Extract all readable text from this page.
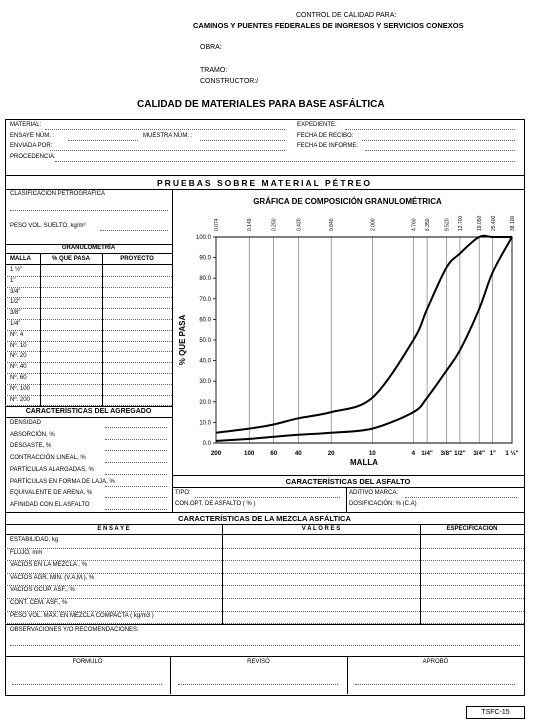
CONTROL DE CALIDAD PARA:
CAMINOS Y PUENTES FEDERALES DE INGRESOS Y SERVICIOS CONEXOS
OBRA:
TRAMO:
CONSTRUCTOR:/
CALIDAD DE MATERIALES PARA BASE ASFÁLTICA
MATERIAL:
ENSAYE NÚM. :	MUESTRA NÚM. :
ENVIADA POR:
PROCEDENCIA:
EXPEDIENTE:
FECHA DE RECIBO:
FECHA DE INFORME:
PRUEBAS SOBRE MATERIAL PÉTREO
CLASIFICACIÓN PETROGRÁFICA
PESO VOL. SUELTO, kg/m³
GRANULOMETRÍA
MALLA	% QUE PASA	PROYECTO
1 ½"
1"
3/4"
1/2"
3/8"
1/4"
Nº. 4
Nº. 10
Nº. 20
Nº. 40
Nº. 60
Nº. 100
Nº. 200
CARACTERÍSTICAS DEL AGREGADO
DENSIDAD
ABSORCIÓN, %
DESGASTE, %
CONTRACCIÓN LINEAL, %
PARTÍCULAS ALARGADAS, %
PARTÍCULAS EN FORMA DE LAJA, %
EQUIVALENTE DE ARENA, %
AFINIDAD CON EL ASFALTO
GRÁFICA DE COMPOSICIÓN GRANULOMÉTRICA
0.0
10.0
20.0
30.0
40.0
50.0
60.0
70.0
80.0
90.0
100.0
0.074
200
0.149
100
0.250
60
0.420
40
0.840
20
2.000
10
4.760
4
6.350
1/4"
9.520
3/8"
12.700
1/2"
19.050
3/4"
25.400
1"
38.100
1 ½"
MALLA
% QUE PASA
CARACTERÍSTICAS DEL ASFALTO
TIPO:	ADITIVO MARCA:
CON.OPT. DE ASFALTO ( % )	DOSIFICACIÓN: % (C.A)
CARACTERÍSTICAS DE LA MEZCLA ASFÁLTICA
E N S A Y E	V A L O R E S	ESPECIFICACIÓN
ESTABILIDAD, kg
FLUJO, mm
VACÍOS EN LA MEZCLA , %
VACÍOS AGR. MIN. (V.A.M.), %
VACÍOS OCUP. ASF., %
CONT. CEM. ASF., %
PESO VOL. MÁX. EN MEZCLA COMPACTA ( kg/m3 )
OBSERVACIONES Y/O RECOMENDACIONES:
FORMULÓ	REVISÓ	APROBÓ
TSFC-15
